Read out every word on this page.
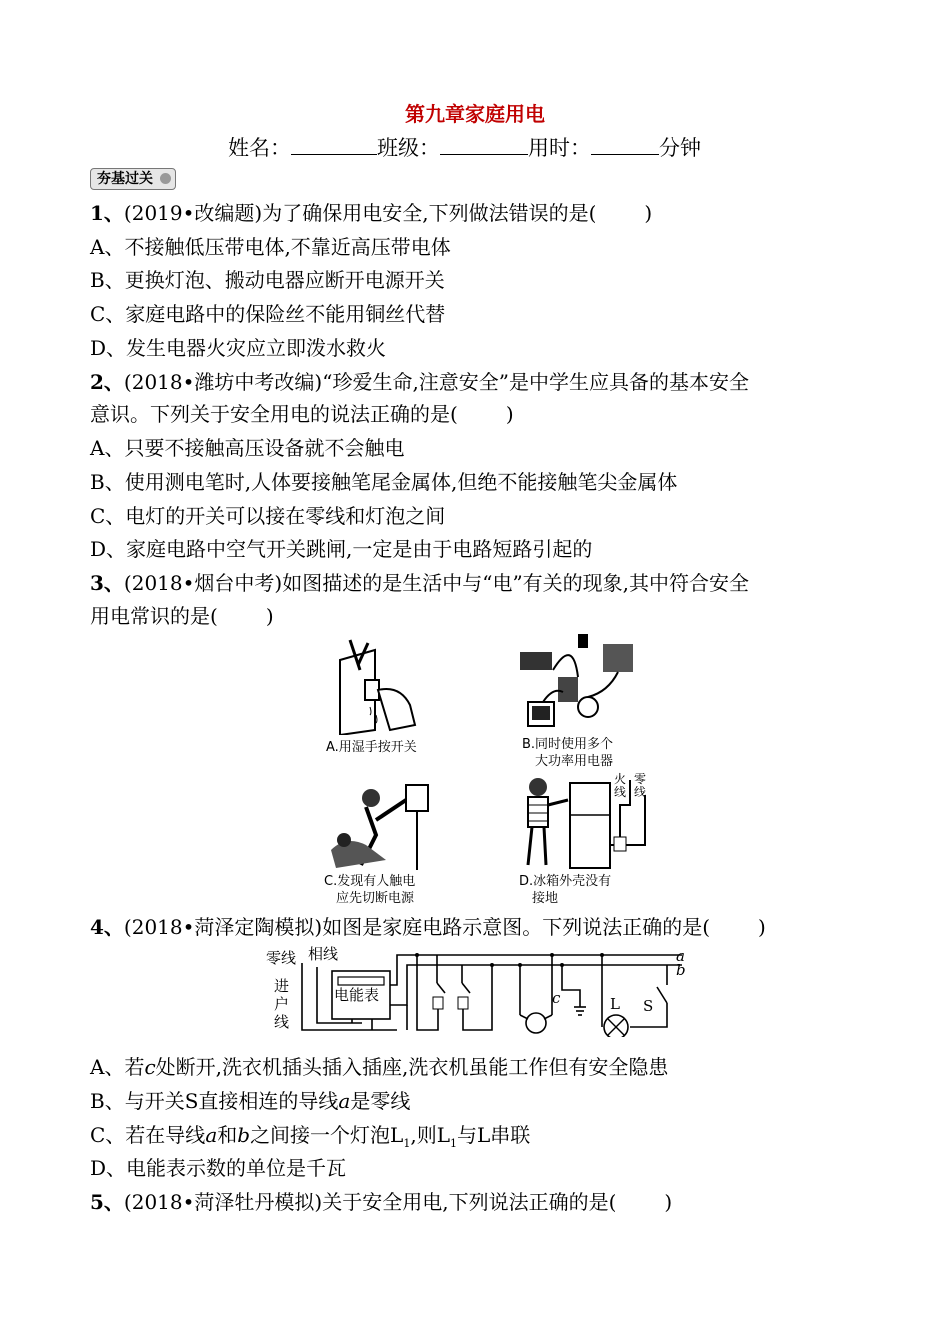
第九章家庭用电
姓名：	班级：	用时：	分钟
夯基过关
1、(2019•改编题)为了确保用电安全,下列做法错误的是( )
A、不接触低压带电体,不靠近高压带电体
B、更换灯泡、搬动电器应断开电源开关
C、家庭电路中的保险丝不能用铜丝代替
D、发生电器火灾应立即泼水救火
2、(2018•潍坊中考改编)“珍爱生命,注意安全”是中学生应具备的基本安全
意识。下列关于安全用电的说法正确的是( )
A、只要不接触高压设备就不会触电
B、使用测电笔时,人体要接触笔尾金属体,但绝不能接触笔尖金属体
C、电灯的开关可以接在零线和灯泡之间
D、家庭电路中空气开关跳闸,一定是由于电路短路引起的
3、(2018•烟台中考)如图描述的是生活中与“电”有关的现象,其中符合安全
用电常识的是( )
A.用湿手按开关	B.同时使用多个
大功率用电器
C.发现有人触电
应先切断电源
火线
零线
D.冰箱外壳没有
接地
4、(2018•菏泽定陶模拟)如图是家庭电路示意图。下列说法正确的是( )
零线 相线
进
户
线
电能表
a
b
c	L S
A、若c处断开,洗衣机插头插入插座,洗衣机虽能工作但有安全隐患
B、与开关S直接相连的导线a是零线
C、若在导线a和b之间接一个灯泡$L_1$,则$L_1$与L串联
D、电能表示数的单位是千瓦
5、(2018•菏泽牡丹模拟)关于安全用电,下列说法正确的是( )
